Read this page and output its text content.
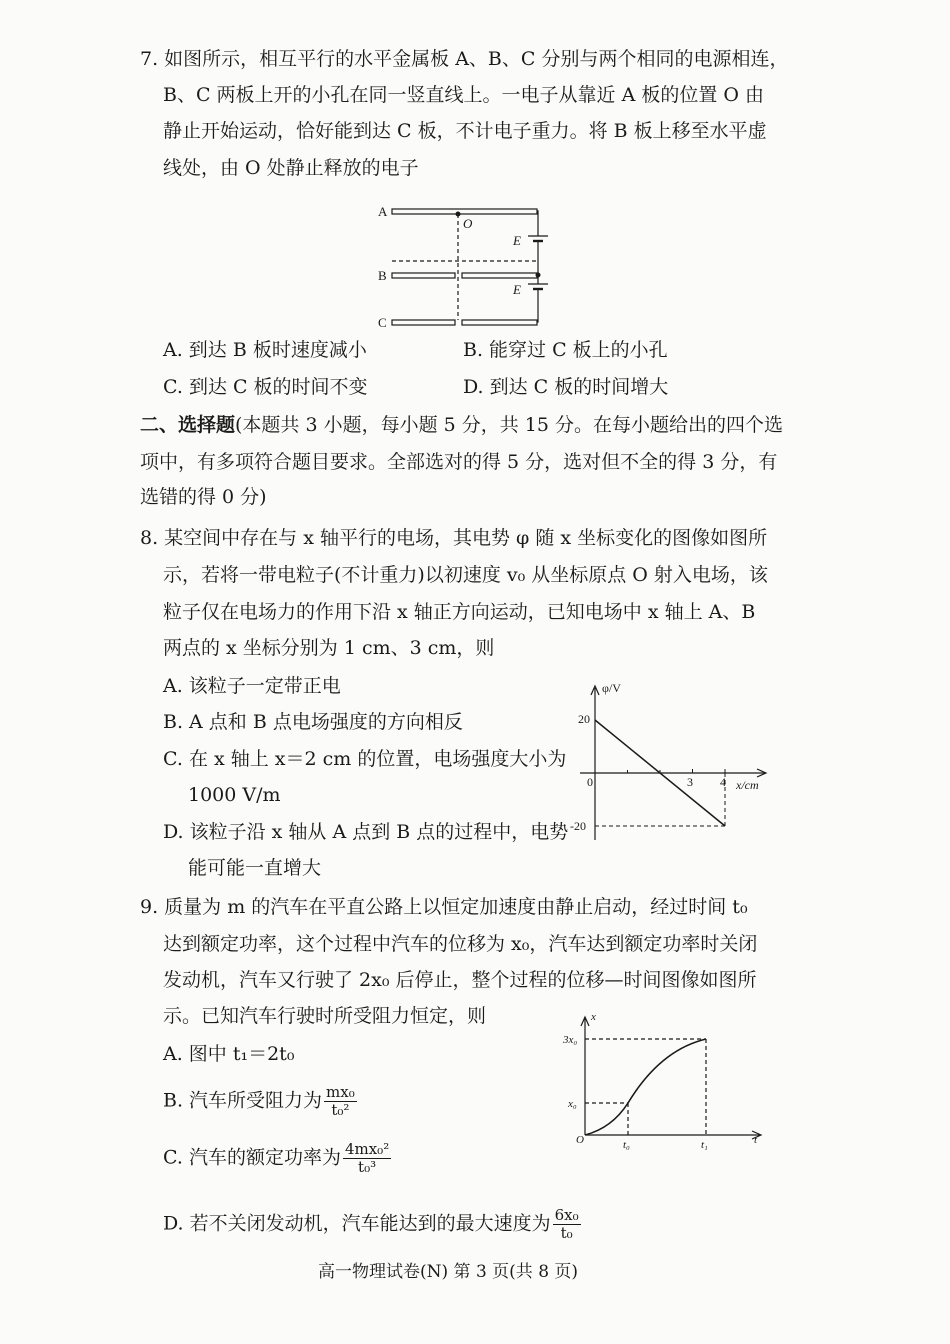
7. 如图所示，相互平行的水平金属板 A、B、C 分别与两个相同的电源相连，
B、C 两板上开的小孔在同一竖直线上。一电子从靠近 A 板的位置 O 由
静止开始运动，恰好能到达 C 板，不计电子重力。将 B 板上移至水平虚
线处，由 O 处静止释放的电子
A
B
C
O
E
E
A. 到达 B 板时速度减小	B. 能穿过 C 板上的小孔
C. 到达 C 板的时间不变	D. 到达 C 板的时间增大
二、选择题(本题共 3 小题，每小题 5 分，共 15 分。在每小题给出的四个选
项中，有多项符合题目要求。全部选对的得 5 分，选对但不全的得 3 分，有
选错的得 0 分)
8. 某空间中存在与 x 轴平行的电场，其电势 φ 随 x 坐标变化的图像如图所
示，若将一带电粒子(不计重力)以初速度 v₀ 从坐标原点 O 射入电场，该
粒子仅在电场力的作用下沿 x 轴正方向运动，已知电场中 x 轴上 A、B
两点的 x 坐标分别为 1 cm、3 cm，则
A. 该粒子一定带正电
B. A 点和 B 点电场强度的方向相反
C. 在 x 轴上 x＝2 cm 的位置，电场强度大小为
1000 V/m
D. 该粒子沿 x 轴从 A 点到 B 点的过程中，电势
能可能一直增大
φ/V
x/cm
20
-20
0	3 4
9. 质量为 m 的汽车在平直公路上以恒定加速度由静止启动，经过时间 t₀
达到额定功率，这个过程中汽车的位移为 x₀，汽车达到额定功率时关闭
发动机，汽车又行驶了 2x₀ 后停止，整个过程的位移—时间图像如图所
示。已知汽车行驶时所受阻力恒定，则
A. 图中 t₁＝2t₀
B. 汽车所受阻力为 $\frac{\text{mx₀}}{\text{t₀²}}$
C. 汽车的额定功率为 $\frac{\text{4mx₀²}}{\text{t₀³}}$
D. 若不关闭发动机，汽车能达到的最大速度为 $\frac{\text{6x₀}}{\text{t₀}}$
x
t
O
3x₀
x₀
t₀	t₁
高一物理试卷(N) 第 3 页(共 8 页)
